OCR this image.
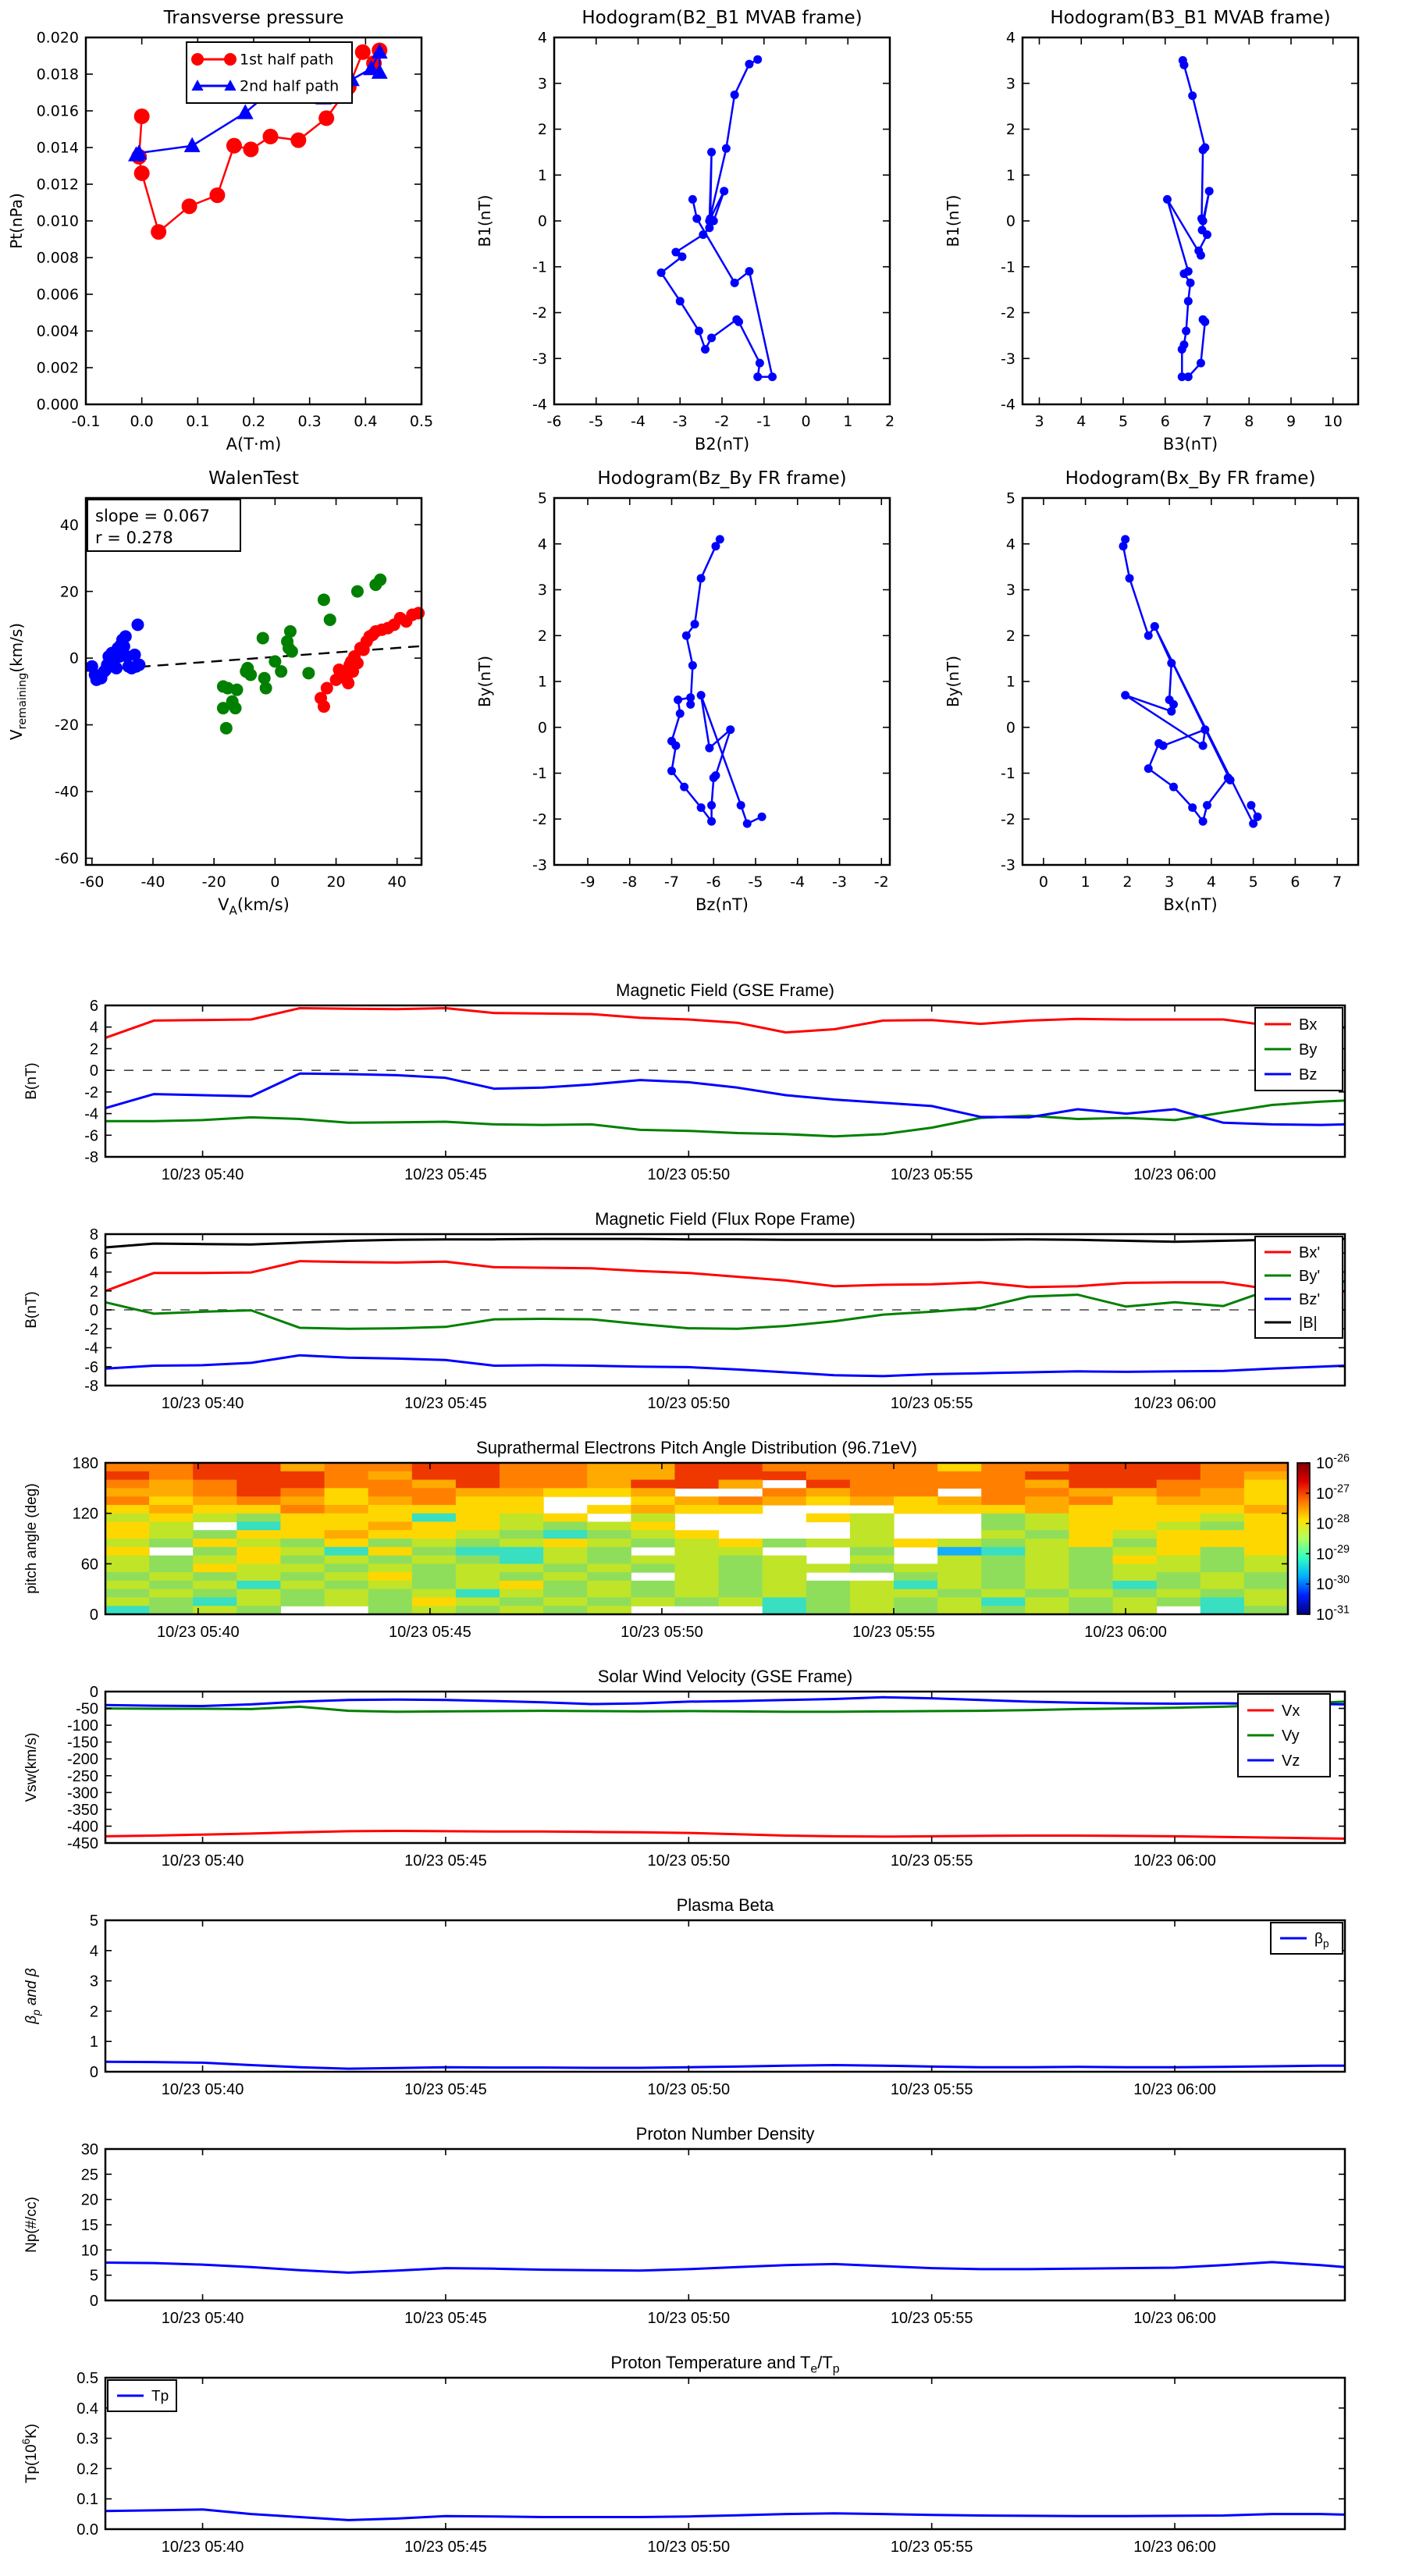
Transverse pressure
-0.1 0.0 0.1 0.2 0.3 0.4 0.5
0.000
0.002
0.004
0.006
0.008
0.010
0.012
0.014
0.016
0.018
0.020
1st half path
2nd half path
A(T·m)
Pt(nPa)
Hodogram(B2_B1 MVAB frame)
-6 -5 -4 -3 -2 -1 0 1 2
-4
-3
-2
-1
0
1
2
3
4
B2(nT)
B1(nT)
Hodogram(B3_B1 MVAB frame)
3 4 5 6 7 8 9 10
-4
-3
-2
-1
0
1
2
3
4
B3(nT)
B1(nT)
WalenTest
-60 -40 -20	0	20	40
-60
-40
-20
0
20
40 slope = 0.067
r = 0.278
$V_A(km/s)$
$V_{remaining}(km/s)$
Hodogram(Bz_By FR frame)
-9 -8 -7 -6 -5 -4 -3 -2
-3
-2
-1
0
1
2
3
4
5
Bz(nT)
By(nT)
Hodogram(Bx_By FR frame)
0 1 2 3 4 5 6 7
-3
-2
-1
0
1
2
3
4
5
Bx(nT)
By(nT)
Magnetic Field (GSE Frame)
10/23 05:40	10/23 05:45	10/23 05:50	10/23 05:55	10/23 06:00
-8
-6
-4
-2
0
2
4
6
Bx
By
Bz
B(nT)
Magnetic Field (Flux Rope Frame)
10/23 05:40	10/23 05:45	10/23 05:50	10/23 05:55	10/23 06:00
-8
-6
-4
-2
0
2
4
6
8
Bx'
By'
Bz'
|B|
B(nT)
Suprathermal Electrons Pitch Angle Distribution (96.71eV)
10/23 05:40	10/23 05:45	10/23 05:50	10/23 05:55	10/23 06:00
0
60
120
180	$10^{-26}$
$10^{-27}$
$10^{-28}$
$10^{-29}$
$10^{-30}$
$10^{-31}$
pitch angle (deg)
Solar Wind Velocity (GSE Frame)
10/23 05:40	10/23 05:45	10/23 05:50	10/23 05:55	10/23 06:00
0
-50
-100
-150
-200
-250
-300
-350
-400
-450
Vx
Vy
Vz
Vsw(km/s)
Plasma Beta
10/23 05:40	10/23 05:45	10/23 05:50	10/23 05:55	10/23 06:00
0
1
2
3
4
5
$\beta_p$
$\beta_p$ and β
Proton Number Density
10/23 05:40	10/23 05:45	10/23 05:50	10/23 05:55	10/23 06:00
0
5
10
15
20
25
30
Np(#/cc)
Proton Temperature and $T_e/T_p$
10/23 05:40	10/23 05:45	10/23 05:50	10/23 05:55	10/23 06:00
0.0
0.1
0.2
0.3
0.4
0.5
Tp
$Tp(10^6K)$
